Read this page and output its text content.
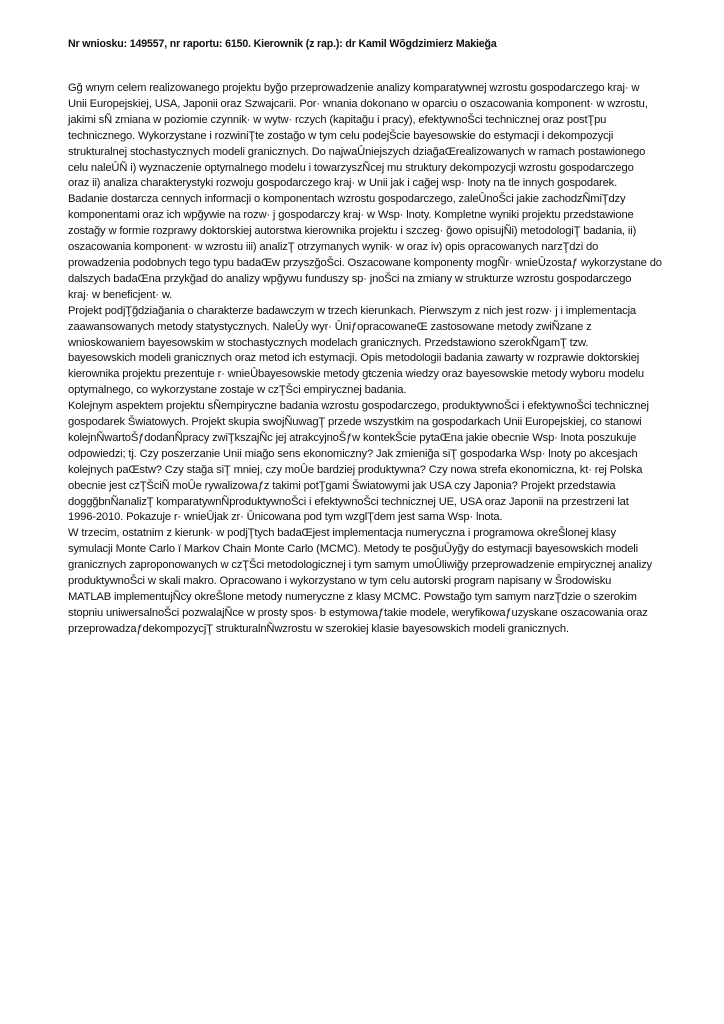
Nr wniosku: 149557, nr raportu: 6150. Kierownik (z rap.): dr Kamil Wõgdzimierz Makieğa
Gğ wnym celem realizowanego projektu byğo przeprowadzenie analizy komparatywnej wzrostu gospodarczego kraj· w
Unii Europejskiej, USA, Japonii oraz Szwajcarii. Por· wnania dokonano w oparciu o oszacowania komponent· w wzrostu,
jakimi sÑ zmiana w poziomie czynnik· w wytw· rczych (kapitağu i pracy), efektywnoŠci technicznej oraz postŢpu
technicznego. Wykorzystane i rozwiniŢte zostağo w tym celu podejŠcie bayesowskie do estymacji i dekompozycji
strukturalnej stochastycznych modeli granicznych. Do najwaÛniejszych dziağaŒrealizowanych w ramach postawionego
celu naleÛÑ i) wyznaczenie optymalnego modelu i towarzyszÑcej mu struktury dekompozycji wzrostu gospodarczego
oraz ii) analiza charakterystyki rozwoju gospodarczego kraj· w Unii jak i cağej wsp· lnoty na tle innych gospodarek.
Badanie dostarcza cennych informacji o komponentach wzrostu gospodarczego, zaleÛnoŠci jakie zachodzÑmiŢdzy
komponentami oraz ich wpğywie na rozw· j gospodarczy kraj· w Wsp· lnoty. Kompletne wyniki projektu przedstawione
zostağy w formie rozprawy doktorskiej autorstwa kierownika projektu i szczeg· ğowo opisujÑi) metodologiŢ badania, ii)
oszacowania komponent· w wzrostu iii) analizŢ otrzymanych wynik· w oraz iv) opis opracowanych narzŢdzi do
prowadzenia podobnych tego typu badaŒw przyszğoŠci. Oszacowane komponenty mogÑr· wnieÛzostaƒ wykorzystane do
dalszych badaŒna przykğad do analizy wpğywu funduszy sp· jnoŠci na zmiany w strukturze wzrostu gospodarczego
kraj· w beneficjent· w.
Projekt podjŢğdziağania o charakterze badawczym w trzech kierunkach. Pierwszym z nich jest rozw· j i implementacja
zaawansowanych metody statystycznych. NaleÛy wyr· ÛniƒopracowaneŒ zastosowane metody zwiÑzane z
wnioskowaniem bayesowskim w stochastycznych modelach granicznych. Przedstawiono szerokÑgamŢ tzw.
bayesowskich modeli granicznych oraz metod ich estymacji. Opis metodologii badania zawarty w rozprawie doktorskiej
kierownika projektu prezentuje r· wnieÛbayesowskie metody gŧczenia wiedzy oraz bayesowskie metody wyboru modelu
optymalnego, co wykorzystane zostaje w czŢŠci empirycznej badania.
Kolejnym aspektem projektu sÑempiryczne badania wzrostu gospodarczego, produktywnoŠci i efektywnoŠci technicznej
gospodarek Šwiatowych. Projekt skupia swojÑuwagŢ przede wszystkim na gospodarkach Unii Europejskiej, co stanowi
kolejnÑwartoŠƒdodanÑpracy zwiŢkszajÑc jej atrakcyjnoŠƒw kontekŠcie pytaŒna jakie obecnie Wsp· lnota poszukuje
odpowiedzi; tj. Czy poszerzanie Unii miağo sens ekonomiczny? Jak zmieniğa siŢ gospodarka Wsp· lnoty po akcesjach
kolejnych paŒstw? Czy stağa siŢ mniej, czy moÛe bardziej produktywna? Czy nowa strefa ekonomiczna, kt· rej Polska
obecnie jest czŢŠciÑ moÛe rywalizowaƒz takimi potŢgami Šwiatowymi jak USA czy Japonia? Projekt przedstawia
doggğbnÑanalizŢ komparatywnÑproduktywnoŠci i efektywnoŠci technicznej UE, USA oraz Japonii na przestrzeni lat
1996-2010. Pokazuje r· wnieÛjak zr· Ûnicowana pod tym wzglŢdem jest sama Wsp· lnota.
W trzecim, ostatnim z kierunk· w podjŢtych badaŒjest implementacja numeryczna i programowa okreŠlonej klasy
symulacji Monte Carlo ï Markov Chain Monte Carlo (MCMC). Metody te posğuÛyğy do estymacji bayesowskich modeli
granicznych zaproponowanych w czŢŠci metodologicznej i tym samym umoÛliwiğy przeprowadzenie empirycznej analizy
produktywnoŠci w skali makro. Opracowano i wykorzystano w tym celu autorski program napisany w Šrodowisku
MATLAB implementujÑcy okreŠlone metody numeryczne z klasy MCMC. Powstağo tym samym narzŢdzie o szerokim
stopniu uniwersalnoŠci pozwalajÑce w prosty spos· b estymowaƒtakie modele, weryfikowaƒuzyskane oszacowania oraz
przeprowadzaƒdekompozycjŢ strukturalnÑwzrostu w szerokiej klasie bayesowskich modeli granicznych.
